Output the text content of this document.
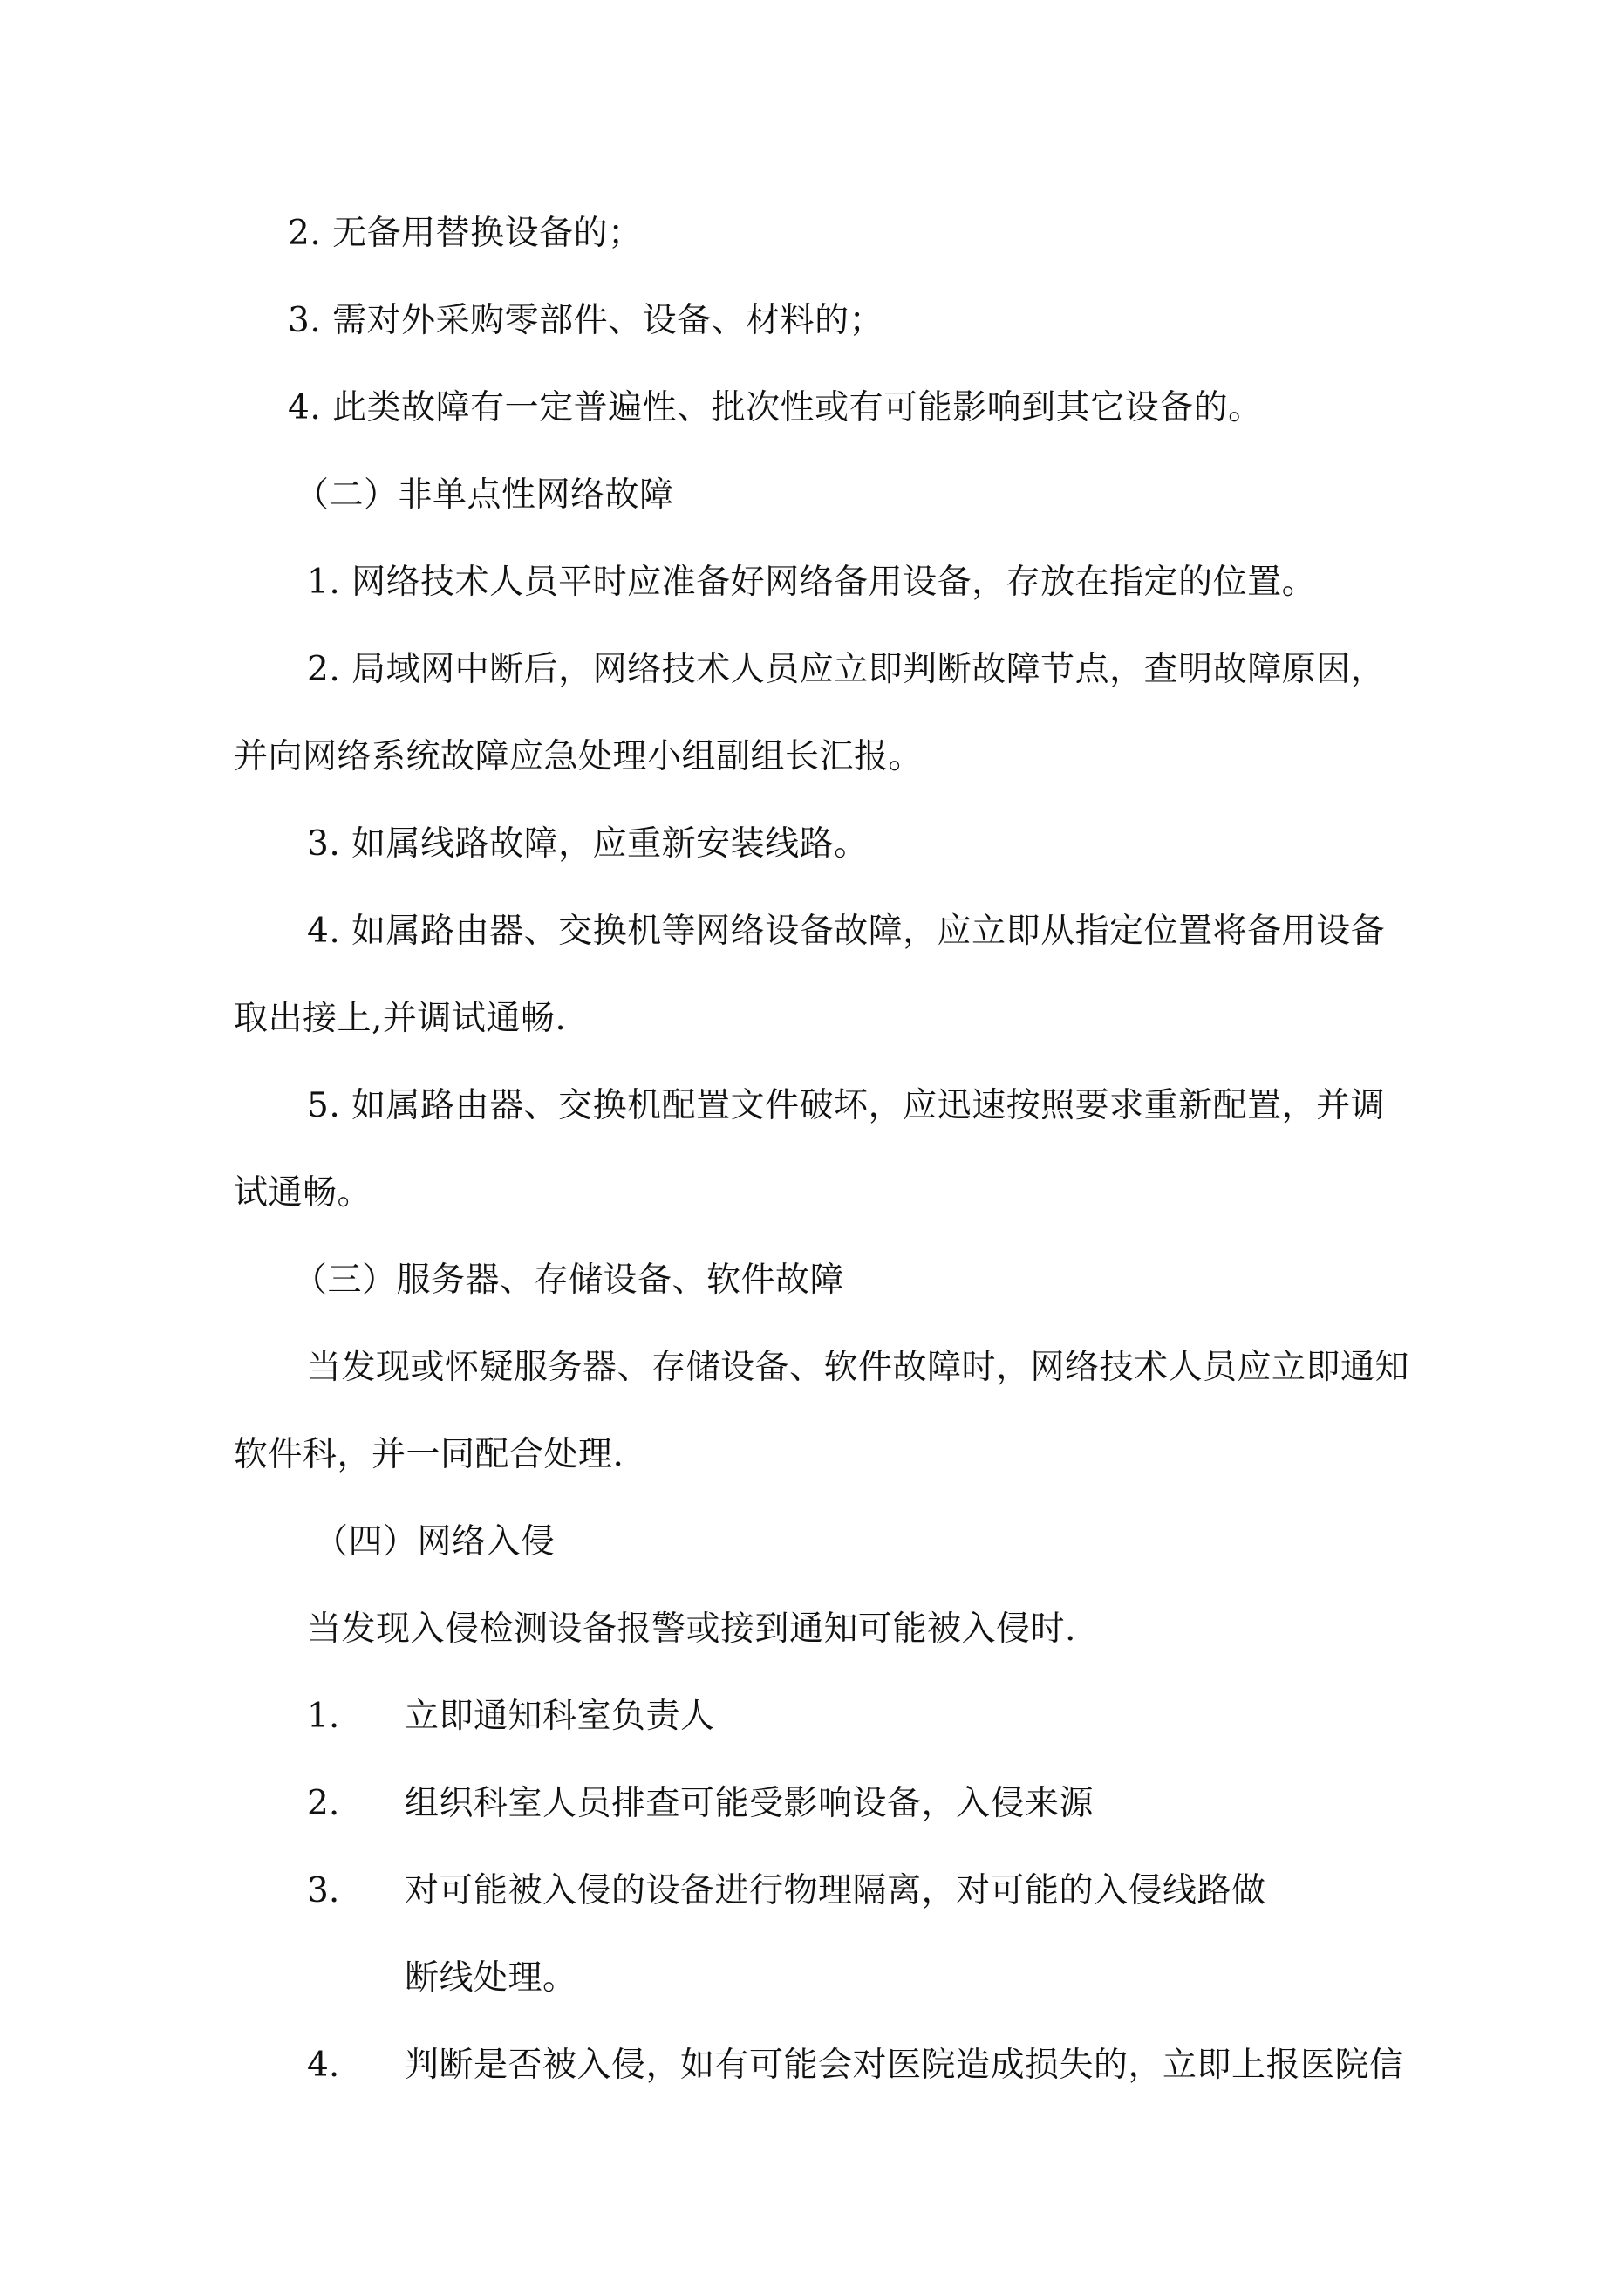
2. 无备用替换设备的；
3. 需对外采购零部件、设备、材料的；
4. 此类故障有一定普遍性、批次性或有可能影响到其它设备的。
（二）非单点性网络故障
1. 网络技术人员平时应准备好网络备用设备，存放在指定的位置。
2. 局域网中断后，网络技术人员应立即判断故障节点，查明故障原因，
并向网络系统故障应急处理小组副组长汇报。
3. 如属线路故障，应重新安装线路。
4. 如属路由器、交换机等网络设备故障，应立即从指定位置将备用设备
取出接上,并调试通畅.
5. 如属路由器、交换机配置文件破坏，应迅速按照要求重新配置，并调
试通畅。
（三）服务器、存储设备、软件故障
当发现或怀疑服务器、存储设备、软件故障时，网络技术人员应立即通知
软件科，并一同配合处理.
（四）网络入侵
当发现入侵检测设备报警或接到通知可能被入侵时.
1. 立即通知科室负责人
2. 组织科室人员排查可能受影响设备，入侵来源
3. 对可能被入侵的设备进行物理隔离，对可能的入侵线路做
断线处理。
4. 判断是否被入侵，如有可能会对医院造成损失的，立即上报医院信
